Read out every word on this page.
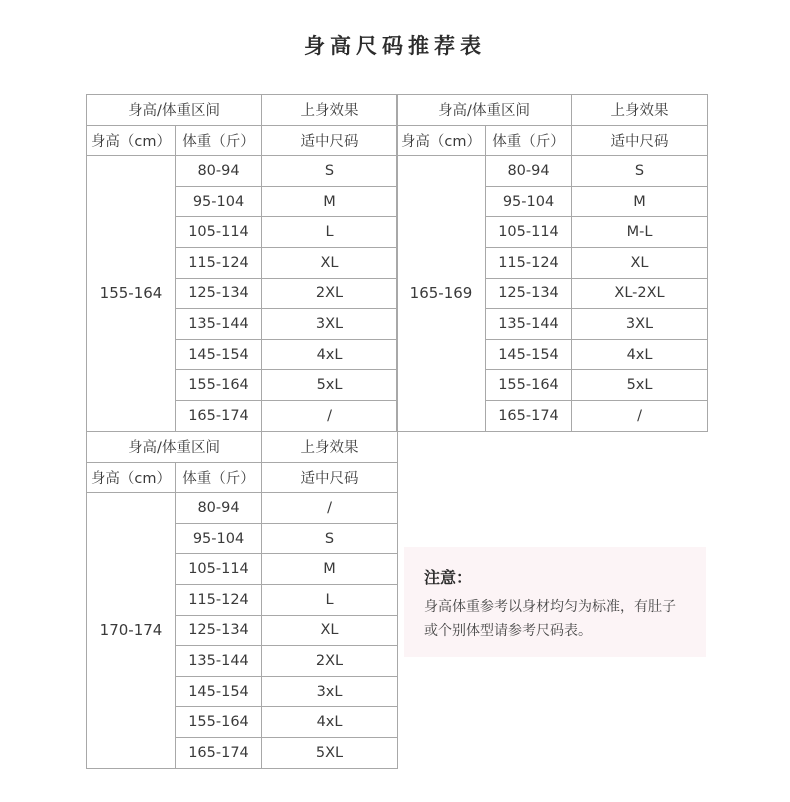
身高尺码推荐表
身高/体重区间		上身效果
身高（cm）	体重（斤）	适中尺码
155-164	80-94	S
	95-104	M
	105-114	L
	115-124	XL
	125-134	2XL
	135-144	3XL
	145-154	4xL
	155-164	5xL
	165-174	/
身高/体重区间		上身效果
身高（cm）	体重（斤）	适中尺码
165-169	80-94	S
	95-104	M
	105-114	M-L
	115-124	XL
	125-134	XL-2XL
	135-144	3XL
	145-154	4xL
	155-164	5xL
	165-174	/
身高/体重区间		上身效果
身高（cm）	体重（斤）	适中尺码
170-174	80-94	/
	95-104	S
	105-114	M
	115-124	L
	125-134	XL
	135-144	2XL
	145-154	3xL
	155-164	4xL
	165-174	5XL
注意：
身高体重参考以身材均匀为标准，有肚子
或个别体型请参考尺码表。
